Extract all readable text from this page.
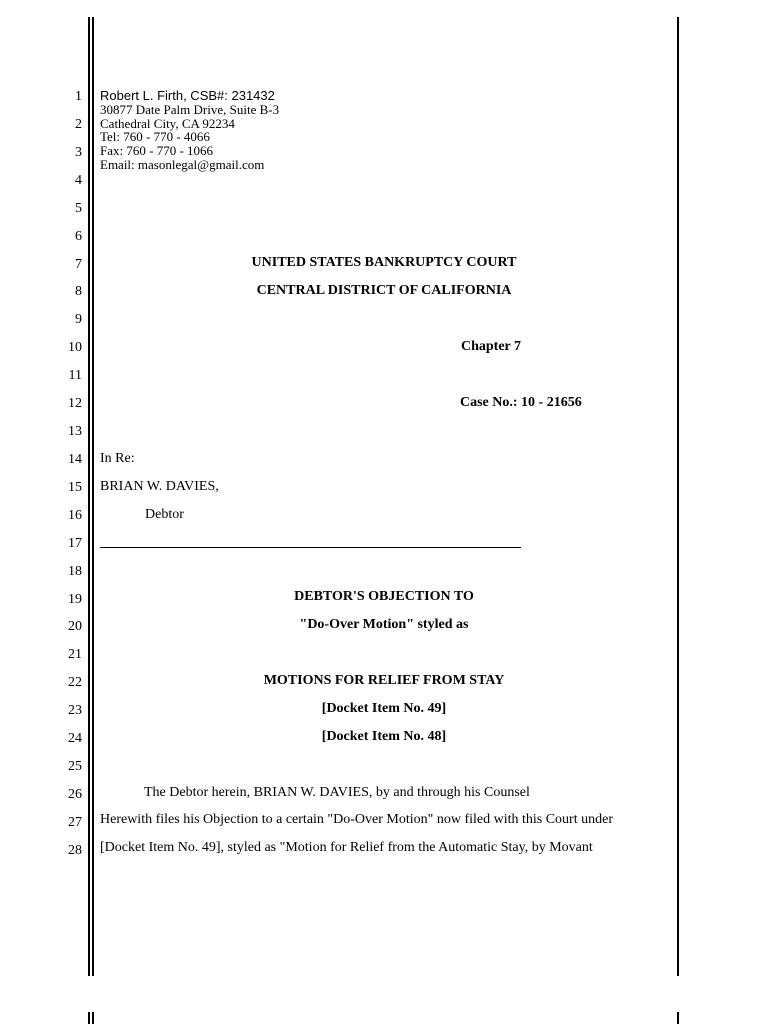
1
2
3
4
5
6
7
8
9
10
11
12
13
14
15
16
17
18
19
20
21
22
23
24
25
26
27
28
Robert L. Firth, CSB#: 231432
30877 Date Palm Drive, Suite B-3
Cathedral City, CA 92234
Tel: 760 - 770 - 4066
Fax: 760 - 770 - 1066
Email: masonlegal@gmail.com
UNITED STATES BANKRUPTCY COURT
CENTRAL DISTRICT OF CALIFORNIA
Chapter 7
Case No.: 10 - 21656
In Re:
BRIAN W. DAVIES,
Debtor
DEBTOR'S OBJECTION TO
"Do-Over Motion" styled as
MOTIONS FOR RELIEF FROM STAY
[Docket Item No. 49]
[Docket Item No. 48]
The Debtor herein, BRIAN W. DAVIES, by and through his Counsel
Herewith files his Objection to a certain "Do-Over Motion" now filed with this Court under
[Docket Item No. 49], styled as "Motion for Relief from the Automatic Stay, by Movant
